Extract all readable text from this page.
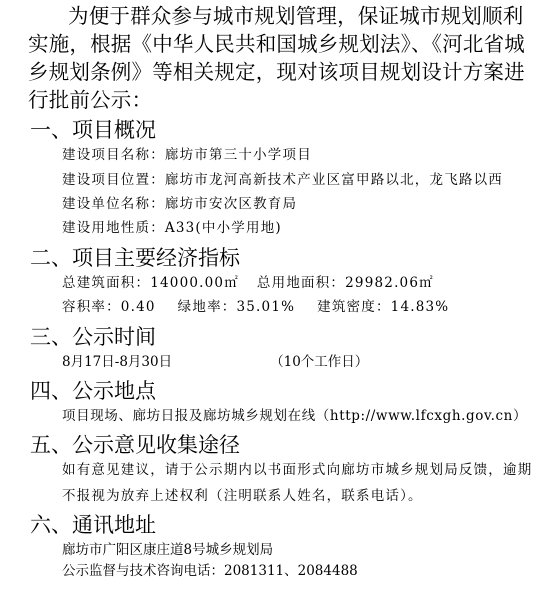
为便于群众参与城市规划管理，保证城市规划顺利实施，根据《中华人民共和国城乡规划法》、《河北省城乡规划条例》等相关规定，现对该项目规划设计方案进行批前公示：

一、项目概况

建设项目名称：廊坊市第三十小学项目

建设项目位置：廊坊市龙河高新技术产业区富甲路以北，龙飞路以西

建设单位名称：廊坊市安次区教育局

建设用地性质：A33(中小学用地)

二、项目主要经济指标

总建筑面积：14000.00㎡ 总用地面积：29982.06㎡

容积率：0.40 绿地率：35.01% 建筑密度：14.83%

三、公示时间

8月17日-8月30日	（10个工作日）

四、公示地点

项目现场、廊坊日报及廊坊城乡规划在线（http://www.lfcxgh.gov.cn）

五、公示意见收集途径

如有意见建议，请于公示期内以书面形式向廊坊市城乡规划局反馈，逾期

不报视为放弃上述权利（注明联系人姓名，联系电话）。

六、通讯地址

廊坊市广阳区康庄道8号城乡规划局

公示监督与技术咨询电话：2081311、2084488
